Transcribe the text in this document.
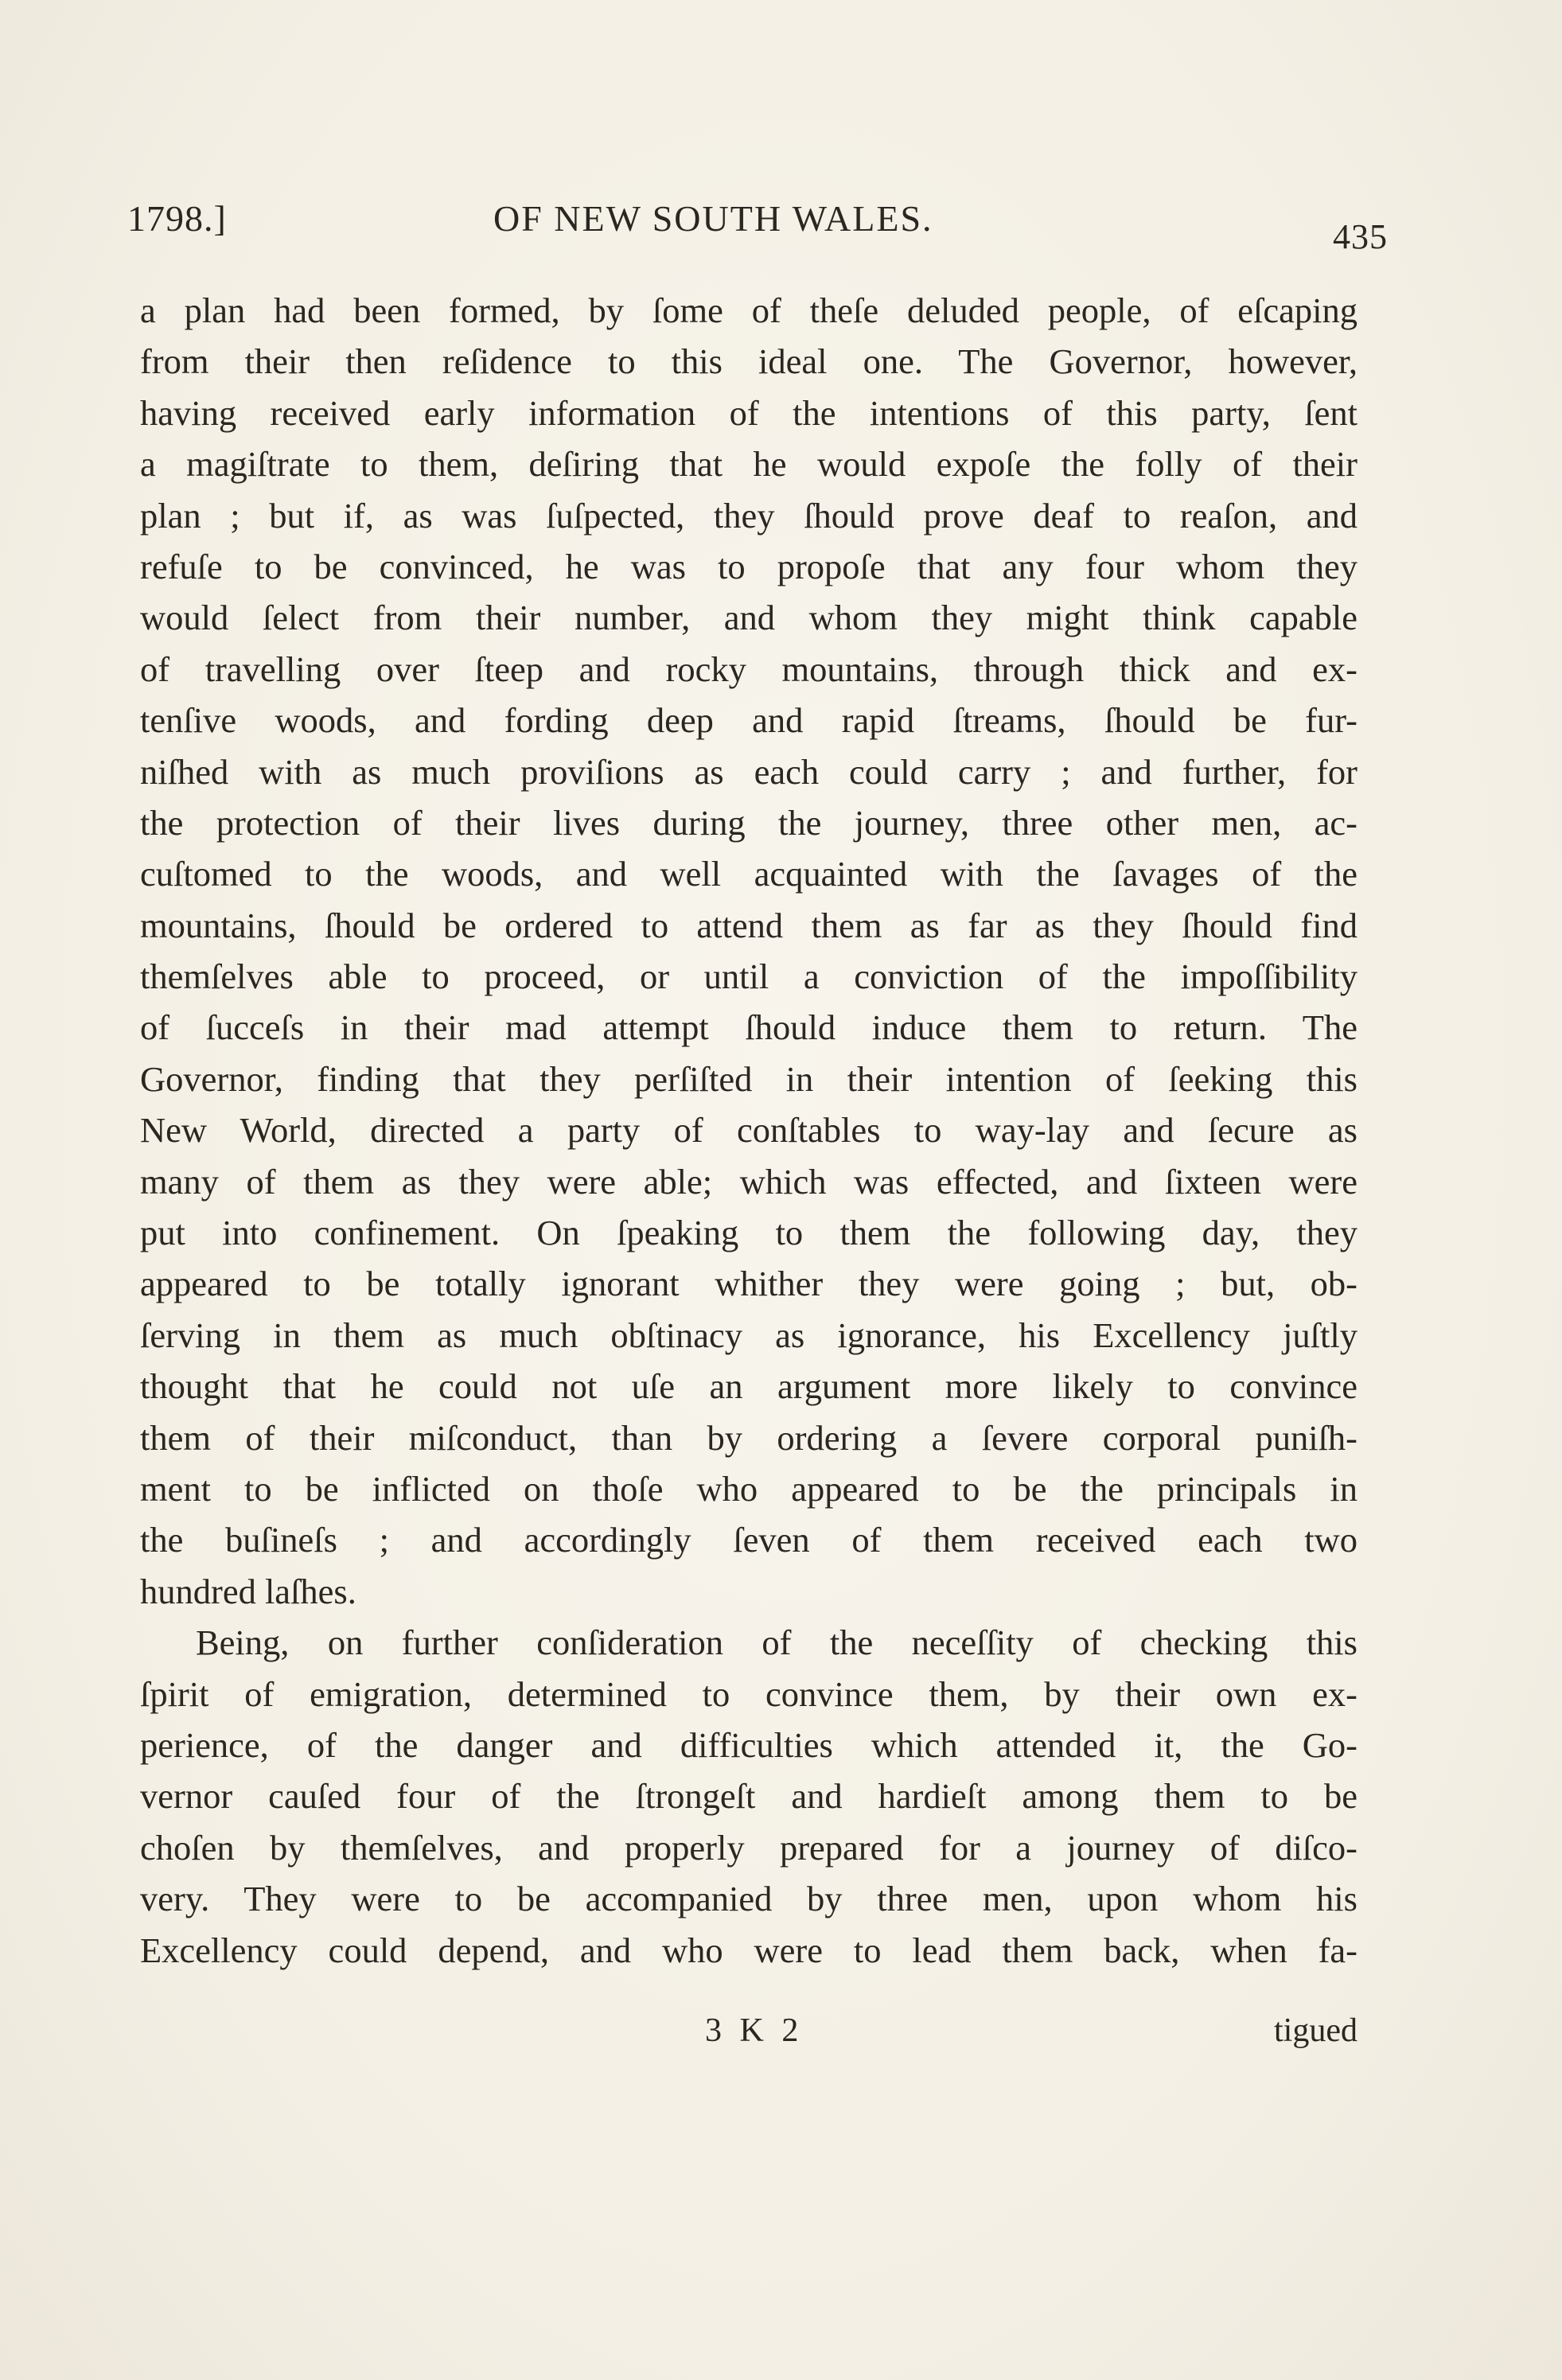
1798.]	OF NEW SOUTH WALES.	435
a plan had been formed, by ſome of theſe deluded people, of eſcaping
from their then reſidence to this ideal one. The Governor, however,
having received early information of the intentions of this party, ſent
a magiſtrate to them, deſiring that he would expoſe the folly of their
plan ; but if, as was ſuſpected, they ſhould prove deaf to reaſon, and
refuſe to be convinced, he was to propoſe that any four whom they
would ſelect from their number, and whom they might think capable
of travelling over ſteep and rocky mountains, through thick and ex-
tenſive woods, and fording deep and rapid ſtreams, ſhould be fur-
niſhed with as much proviſions as each could carry ; and further, for
the protection of their lives during the journey, three other men, ac-
cuſtomed to the woods, and well acquainted with the ſavages of the
mountains, ſhould be ordered to attend them as far as they ſhould find
themſelves able to proceed, or until a conviction of the impoſſibility
of ſucceſs in their mad attempt ſhould induce them to return. The
Governor, finding that they perſiſted in their intention of ſeeking this
New World, directed a party of conſtables to way-lay and ſecure as
many of them as they were able; which was effected, and ſixteen were
put into confinement. On ſpeaking to them the following day, they
appeared to be totally ignorant whither they were going ; but, ob-
ſerving in them as much obſtinacy as ignorance, his Excellency juſtly
thought that he could not uſe an argument more likely to convince
them of their miſconduct, than by ordering a ſevere corporal puniſh-
ment to be inflicted on thoſe who appeared to be the principals in
the buſineſs ; and accordingly ſeven of them received each two
hundred laſhes.
Being, on further conſideration of the neceſſity of checking this
ſpirit of emigration, determined to convince them, by their own ex-
perience, of the danger and difficulties which attended it, the Go-
vernor cauſed four of the ſtrongeſt and hardieſt among them to be
choſen by themſelves, and properly prepared for a journey of diſco-
very. They were to be accompanied by three men, upon whom his
Excellency could depend, and who were to lead them back, when fa-
3 K 2	tigued
